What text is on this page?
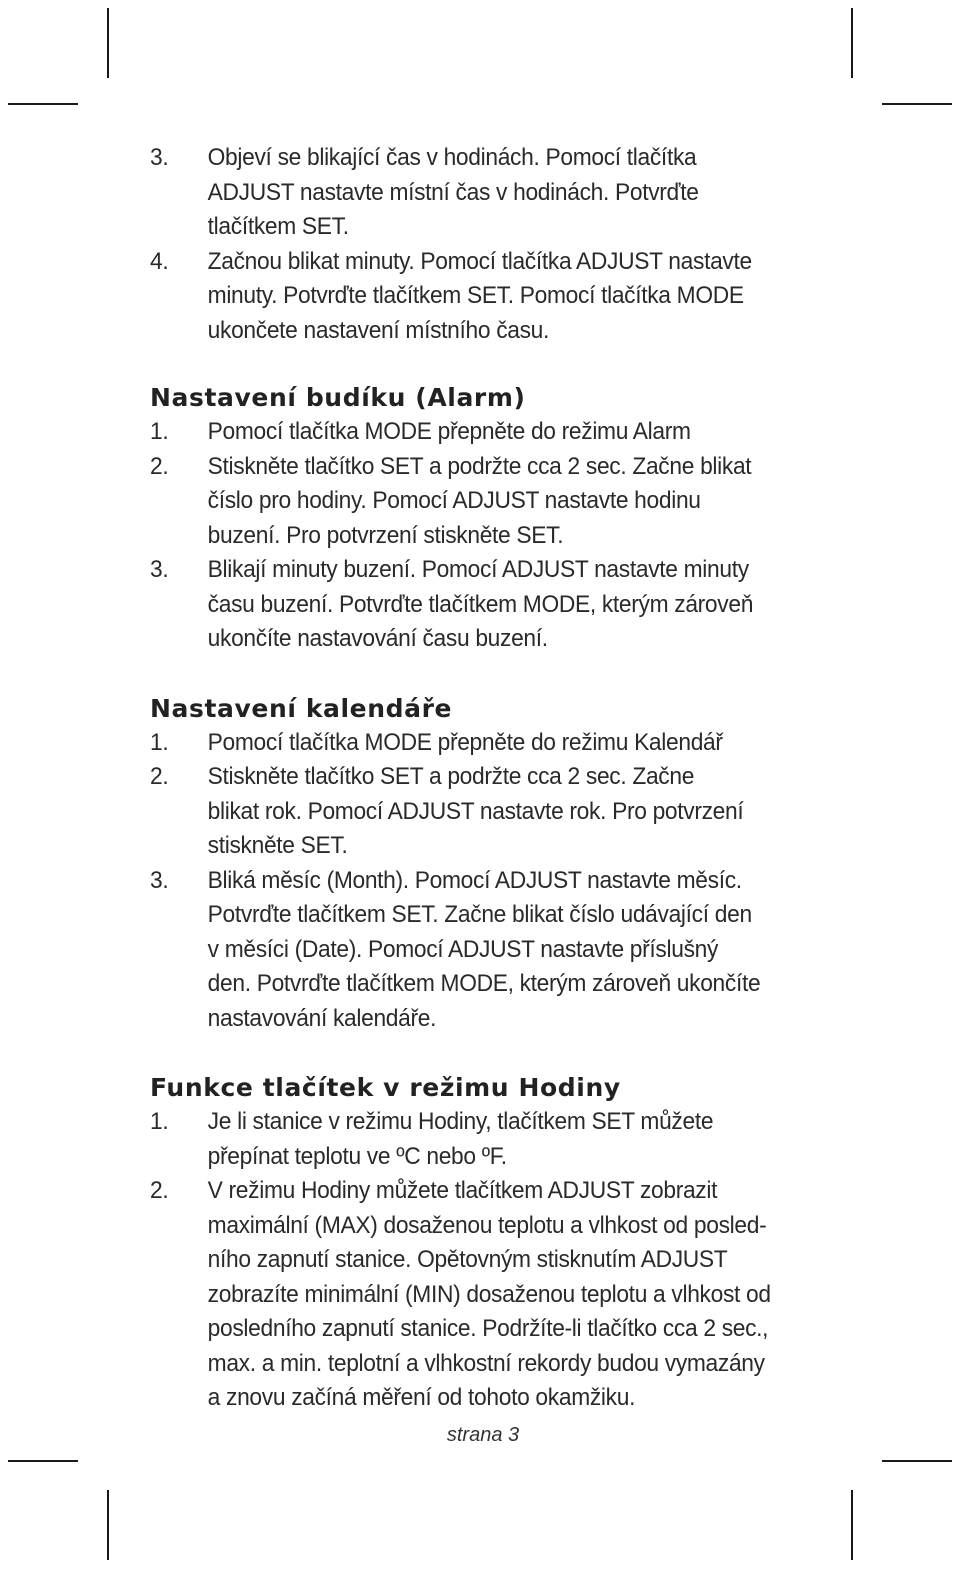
3. Objeví se blikající čas v hodinách. Pomocí tlačítka
ADJUST nastavte místní čas v hodinách. Potvrďte
tlačítkem SET.
4. Začnou blikat minuty. Pomocí tlačítka ADJUST nastavte
minuty. Potvrďte tlačítkem SET. Pomocí tlačítka MODE
ukončete nastavení místního času.
Nastavení budíku (Alarm)
1. Pomocí tlačítka MODE přepněte do režimu Alarm
2. Stiskněte tlačítko SET a podržte cca 2 sec. Začne blikat
číslo pro hodiny. Pomocí ADJUST nastavte hodinu
buzení. Pro potvrzení stiskněte SET.
3. Blikají minuty buzení. Pomocí ADJUST nastavte minuty
času buzení. Potvrďte tlačítkem MODE, kterým zároveň
ukončíte nastavování času buzení.
Nastavení kalendáře
1. Pomocí tlačítka MODE přepněte do režimu Kalendář
2. Stiskněte tlačítko SET a podržte cca 2 sec. Začne
blikat rok. Pomocí ADJUST nastavte rok. Pro potvrzení
stiskněte SET.
3. Bliká měsíc (Month). Pomocí ADJUST nastavte měsíc.
Potvrďte tlačítkem SET. Začne blikat číslo udávající den
v měsíci (Date). Pomocí ADJUST nastavte příslušný
den. Potvrďte tlačítkem MODE, kterým zároveň ukončíte
nastavování kalendáře.
Funkce tlačítek v režimu Hodiny
1. Je li stanice v režimu Hodiny, tlačítkem SET můžete
přepínat teplotu ve ºC nebo ºF.
2. V režimu Hodiny můžete tlačítkem ADJUST zobrazit
maximální (MAX) dosaženou teplotu a vlhkost od posled-
ního zapnutí stanice. Opětovným stisknutím ADJUST
zobrazíte minimální (MIN) dosaženou teplotu a vlhkost od
posledního zapnutí stanice. Podržíte-li tlačítko cca 2 sec.,
max. a min. teplotní a vlhkostní rekordy budou vymazány
a znovu začíná měření od tohoto okamžiku.
strana 3
